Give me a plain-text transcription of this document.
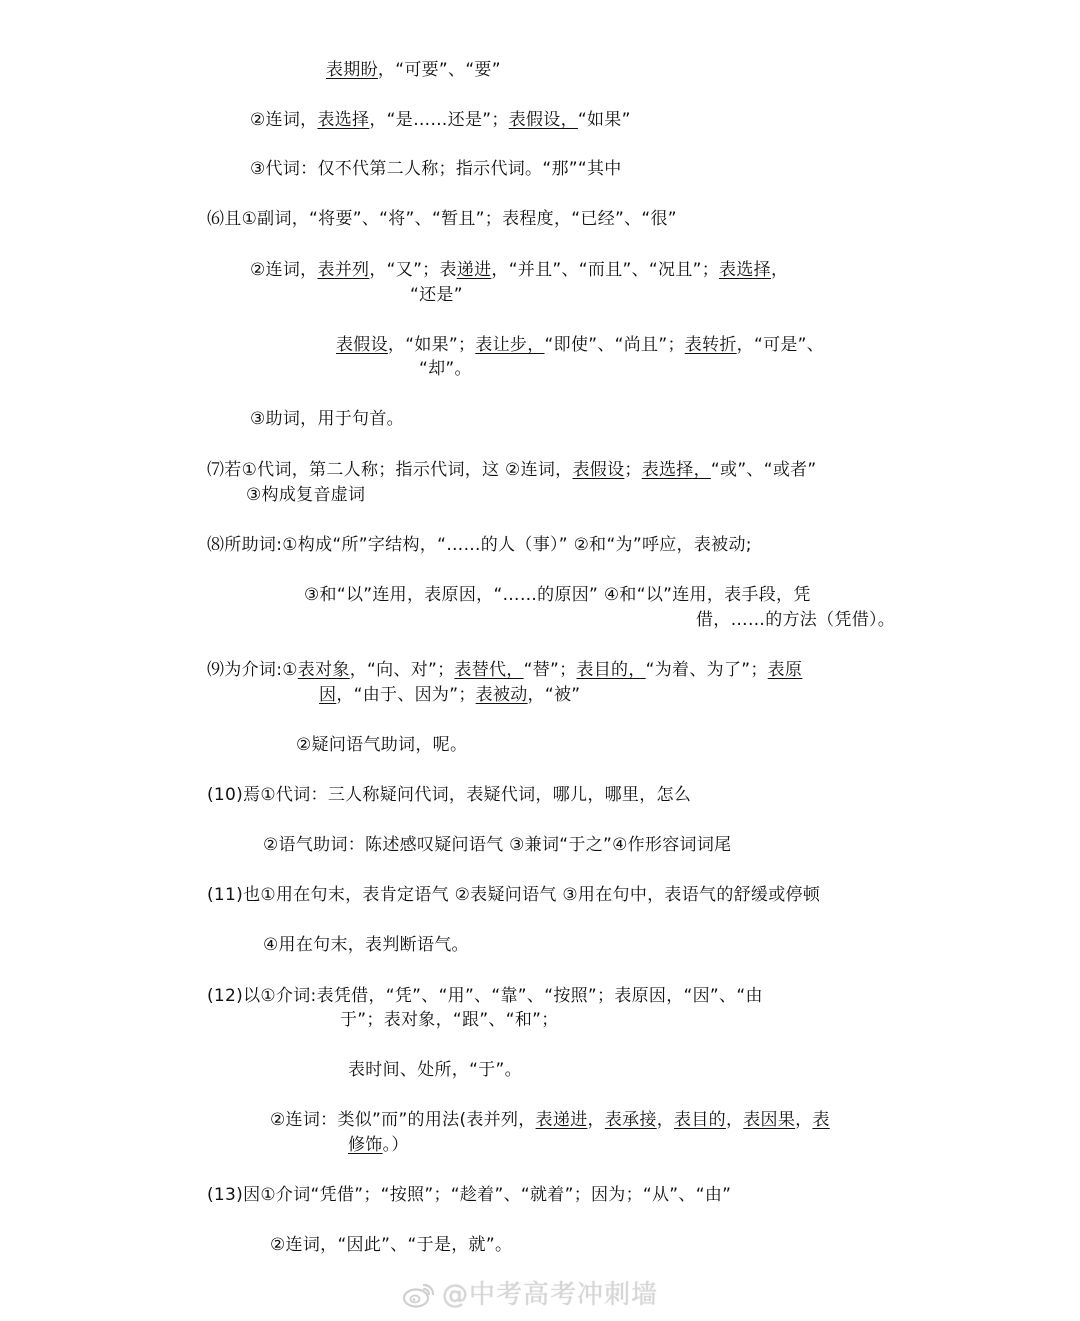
表期盼，“可要”、“要”
②连词，表选择，“是……还是”；表假设，“如果”
③代词：仅不代第二人称；指示代词。“那”“其中
⑹且①副词，“将要”、“将”、“暂且”；表程度，“已经”、“很”
②连词，表并列，“又”；表递进，“并且”、“而且”、“况且”；表选择，
“还是”
表假设，“如果”；表让步，“即使”、“尚且”；表转折，“可是”、
“却”。
③助词，用于句首。
⑺若①代词，第二人称；指示代词，这 ②连词，表假设；表选择，“或”、“或者”
③构成复音虚词
⑻所助词:①构成“所”字结构，“……的人（事）” ②和“为”呼应，表被动;
③和“以”连用，表原因，“……的原因” ④和“以”连用，表手段，凭
借，……的方法（凭借）。
⑼为介词:①表对象，“向、对”；表替代，“替”；表目的，“为着、为了”；表原
因，“由于、因为”；表被动，“被”
②疑问语气助词，呢。
(10)焉①代词：三人称疑问代词，表疑代词，哪儿，哪里，怎么
②语气助词：陈述感叹疑问语气 ③兼词“于之”④作形容词词尾
(11)也①用在句末，表肯定语气 ②表疑问语气 ③用在句中，表语气的舒缓或停顿
④用在句末，表判断语气。
(12)以①介词:表凭借，“凭”、“用”、“靠”、“按照”；表原因，“因”、“由
于”；表对象，“跟”、“和”；
表时间、处所，“于”。
②连词：类似”而”的用法(表并列，表递进，表承接，表目的，表因果，表
修饰。）
(13)因①介词“凭借”；“按照”；“趁着”、“就着”；因为；“从”、“由”
②连词，“因此”、“于是，就”。
@中考高考冲刺墙
